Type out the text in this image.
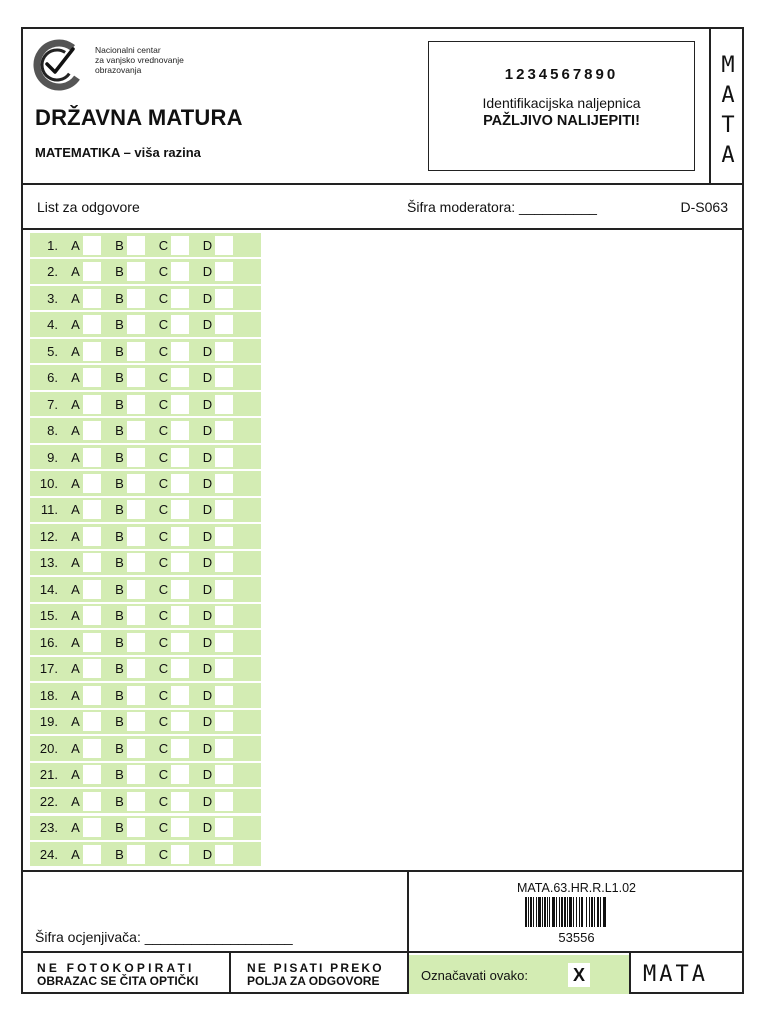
Nacionalni centar
za vanjsko vrednovanje
obrazovanja
DRŽAVNA MATURA
MATEMATIKA – viša razina
1234567890
Identifikacijska naljepnica
PAŽLJIVO NALIJEPITI!
M
A
T
A
List za odgovore	Šifra moderatora: __________	D-S063
1.	A	B	C	D
2.	A	B	C	D
3.	A	B	C	D
4.	A	B	C	D
5.	A	B	C	D
6.	A	B	C	D
7.	A	B	C	D
8.	A	B	C	D
9.	A	B	C	D
10.	A	B	C	D
11.	A	B	C	D
12.	A	B	C	D
13.	A	B	C	D
14.	A	B	C	D
15.	A	B	C	D
16.	A	B	C	D
17.	A	B	C	D
18.	A	B	C	D
19.	A	B	C	D
20.	A	B	C	D
21.	A	B	C	D
22.	A	B	C	D
23.	A	B	C	D
24.	A	B	C	D
Šifra ocjenjivača: ___________________
MATA.63.HR.R.L1.02
53556
NE FOTOKOPIRATI
OBRAZAC SE ČITA OPTIČKI
NE PISATI PREKO
POLJA ZA ODGOVORE	Označavati ovako:	X	MATA
